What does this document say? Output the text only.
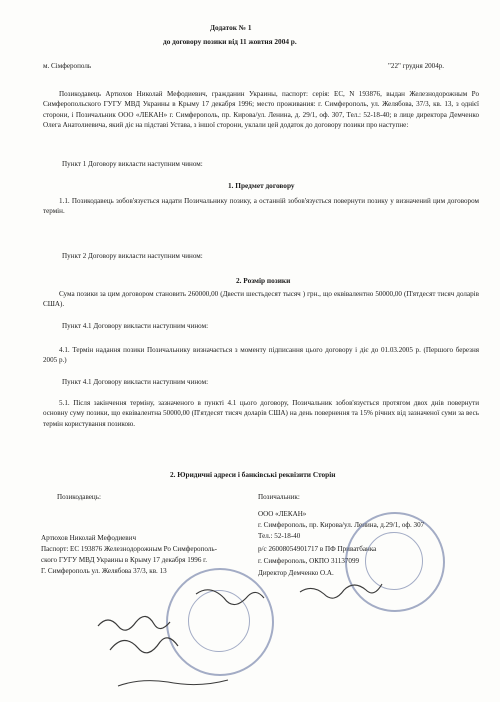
Додаток № 1
до договору позики від 11 жовтня 2004 р.
м. Сімферополь	"22" грудня 2004р.
Позикодавець Артюхов Николай Мефодиевич, гражданин Украины, паспорт: серія: ЕС, N 193876, выдан Железнодорожным Ро Симферопольского ГУГУ МВД Украины в Крыму 17 декабря 1996; место проживания: г. Симферополь, ул. Желябова, 37/3, кв. 13, з однієї сторони, і Позичальник ООО «ЛЕКАН» г. Симферополь, пр. Кирова/ул. Ленина, д. 29/1, оф. 307, Тел.: 52-18-40; в лице директора Демченко Олега Анатолиевича, який діє на підставі Устава, з іншої сторони, уклали цей додаток до договору позики про наступне:
Пункт 1 Договору викласти наступним чином:
1. Предмет договору
1.1. Позикодавець зобов'язується надати Позичальнику позику, а останній зобов'язується повернути позику у визначений цим договором термін.
Пункт 2 Договору викласти наступним чином:
2. Розмір позики
Сума позики за цим договором становить 260000,00 (Двести шестьдесят тысяч ) грн., що еквівалентно 50000,00 (П'ятдесят тисяч доларів США).
Пункт 4.1 Договору викласти наступним чином:
4.1. Термін надання позики Позичальнику визначається з моменту підписання цього договору і діє до 01.03.2005 р. (Першого березня 2005 р.)
Пункт 4.1 Договору викласти наступним чином:
5.1. Після закінчення терміну, зазначеного в пункті 4.1 цього договору, Позичальник зобов'язується протягом двох днів повернути основну суму позики, що еквівалентна 50000,00 (П'ятдесят тисяч доларів США) на день повернення та 15% річних від зазначеної суми за весь термін користування позикою.
2. Юридичні адреси і банківські реквізити Сторін
Позикодавець:
Артюхов Николай Мефодиевич
Паспорт: ЕС 193876 Железнодорожным Ро Симферополь-
ского ГУГУ МВД Украины в Крыму 17 декабря 1996 г.
Г. Симферополь ул. Желябова 37/3, кв. 13
Позичальник:
ООО «ЛЕКАН»
г. Симферополь, пр. Кирова/ул. Ленина, д.29/1, оф. 307
Тел.: 52-18-40
р/с 26008054901717 в ПФ Приватбанка
г. Симферополь, ОКПО 31137099
Директор Демченко О.А.
